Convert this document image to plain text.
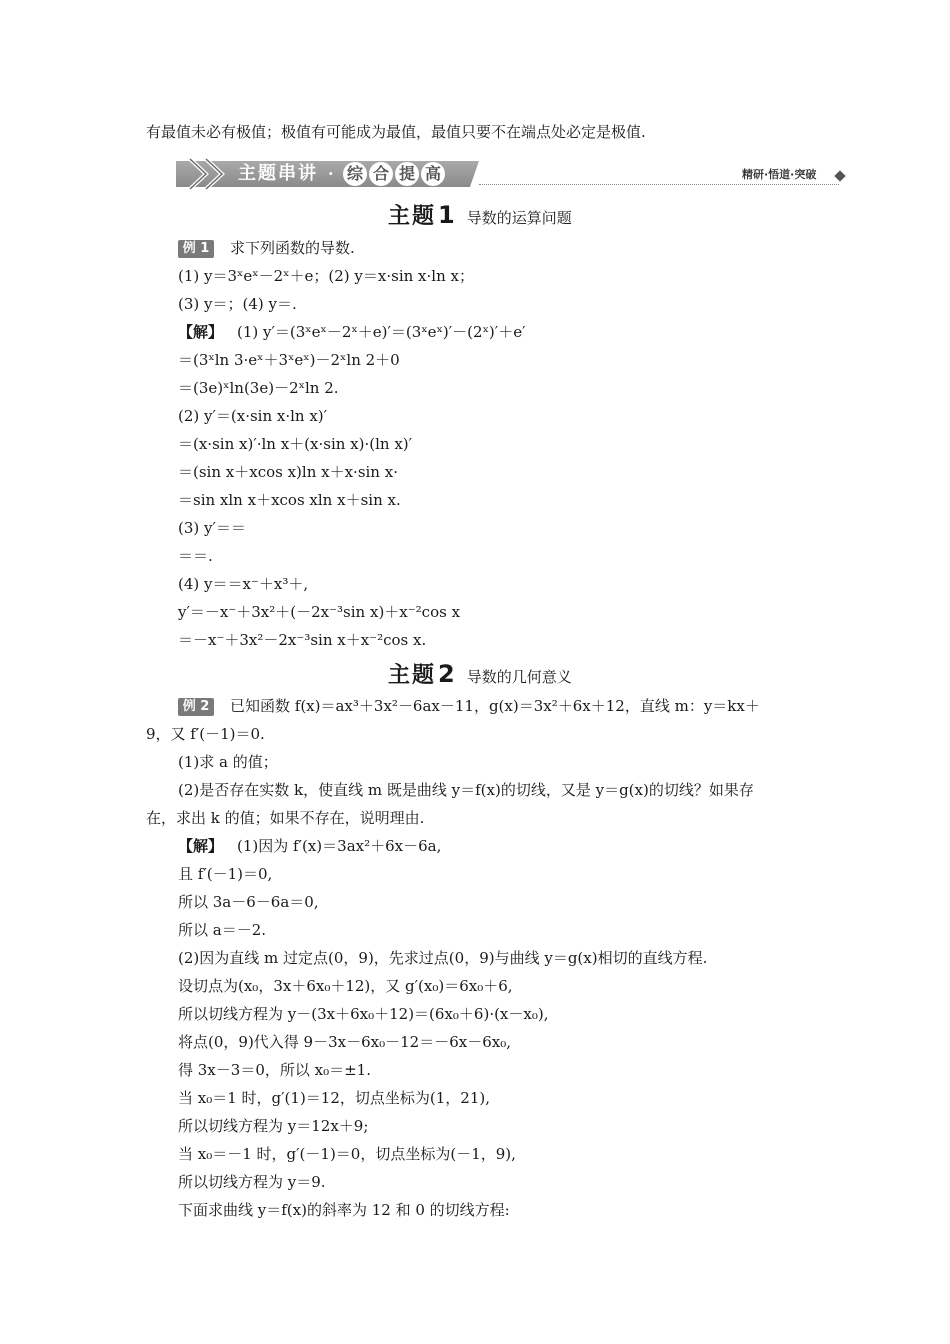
有最值未必有极值；极值有可能成为最值，最值只要不在端点处必定是极值.
主题串讲 · 综 合 提 高	精研·悟道·突破
主题1 导数的运算问题
例 1 求下列函数的导数.
(1) y＝3ˣeˣ－2ˣ＋e；(2) y＝x·sin x·ln x；
(3) y＝；(4) y＝.
【解】 (1) y′＝(3ˣeˣ－2ˣ＋e)′＝(3ˣeˣ)′－(2ˣ)′＋e′
＝(3ˣln 3·eˣ＋3ˣeˣ)－2ˣln 2＋0
＝(3e)ˣln(3e)－2ˣln 2.
(2) y′＝(x·sin x·ln x)′
＝(x·sin x)′·ln x＋(x·sin x)·(ln x)′
＝(sin x＋xcos x)ln x＋x·sin x·
＝sin xln x＋xcos xln x＋sin x.
(3) y′＝＝
＝＝.
(4) y＝＝x⁻＋x³＋,
y′＝－x⁻＋3x²＋(－2x⁻³sin x)＋x⁻²cos x
＝－x⁻＋3x²－2x⁻³sin x＋x⁻²cos x.
主题2 导数的几何意义
例 2 已知函数 f(x)＝ax³＋3x²－6ax－11，g(x)＝3x²＋6x＋12，直线 m：y＝kx＋
9，又 f′(－1)＝0.
(1)求 a 的值；
(2)是否存在实数 k，使直线 m 既是曲线 y＝f(x)的切线，又是 y＝g(x)的切线？如果存
在，求出 k 的值；如果不存在，说明理由.
【解】 (1)因为 f′(x)＝3ax²＋6x－6a,
且 f′(－1)＝0,
所以 3a－6－6a＝0,
所以 a＝－2.
(2)因为直线 m 过定点(0，9)，先求过点(0，9)与曲线 y＝g(x)相切的直线方程.
设切点为(x₀，3x＋6x₀＋12)，又 g′(x₀)＝6x₀＋6,
所以切线方程为 y－(3x＋6x₀＋12)＝(6x₀＋6)·(x－x₀),
将点(0，9)代入得 9－3x－6x₀－12＝－6x－6x₀,
得 3x－3＝0，所以 x₀＝±1.
当 x₀＝1 时，g′(1)＝12，切点坐标为(1，21),
所以切线方程为 y＝12x＋9;
当 x₀＝－1 时，g′(－1)＝0，切点坐标为(－1，9),
所以切线方程为 y＝9.
下面求曲线 y＝f(x)的斜率为 12 和 0 的切线方程:
